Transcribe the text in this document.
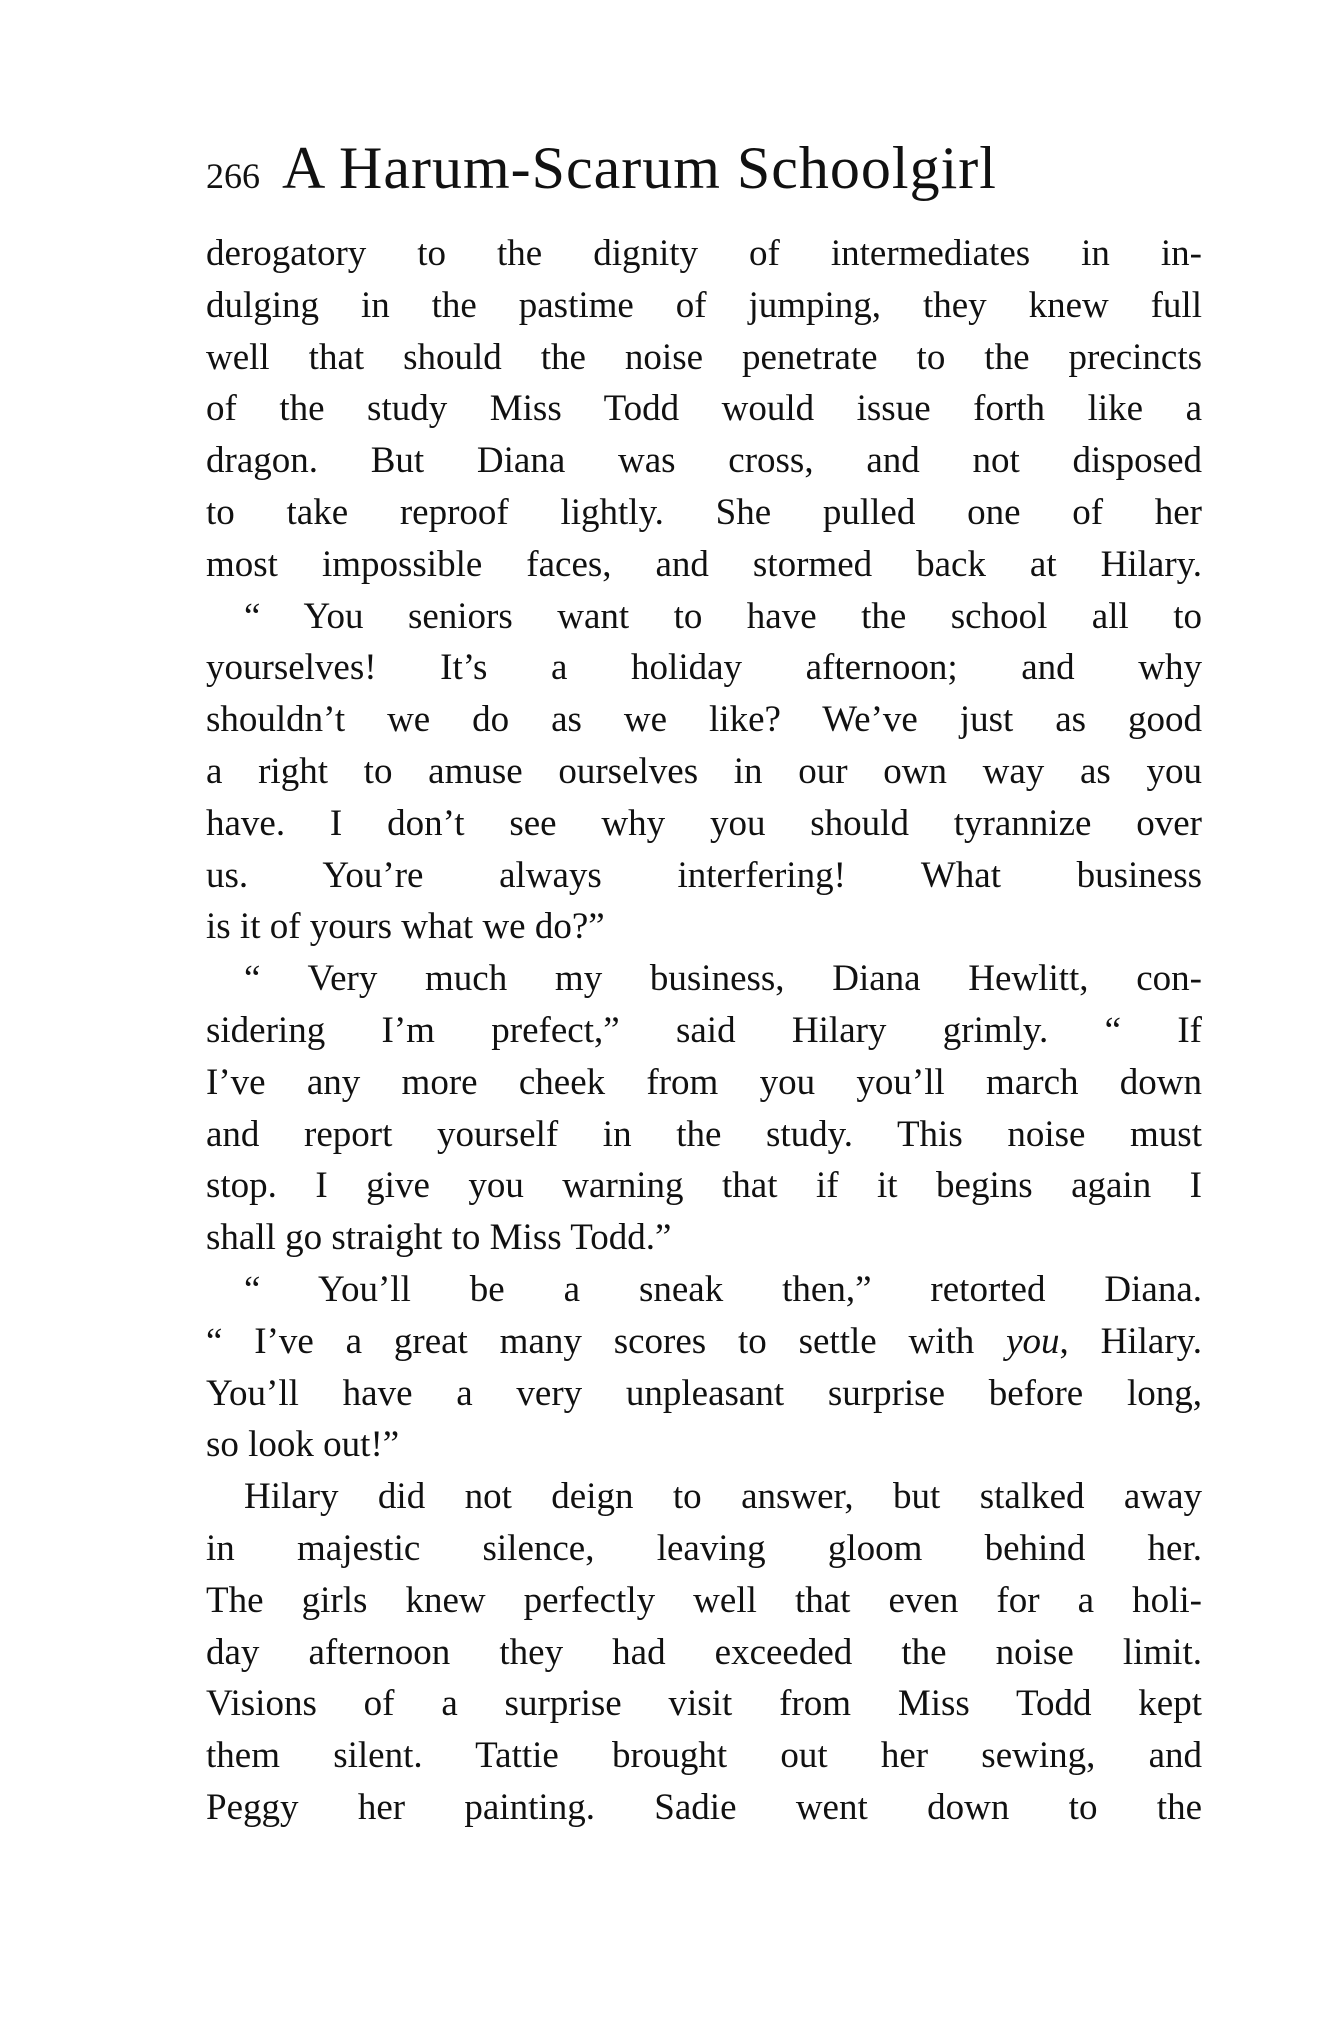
266 A Harum-Scarum Schoolgirl
derogatory to the dignity of intermediates in in-
dulging in the pastime of jumping, they knew full
well that should the noise penetrate to the precincts
of the study Miss Todd would issue forth like a
dragon. But Diana was cross, and not disposed
to take reproof lightly. She pulled one of her
most impossible faces, and stormed back at Hilary.
“ You seniors want to have the school all to
yourselves! It’s a holiday afternoon; and why
shouldn’t we do as we like? We’ve just as good
a right to amuse ourselves in our own way as you
have. I don’t see why you should tyrannize over
us. You’re always interfering! What business
is it of yours what we do?”
“ Very much my business, Diana Hewlitt, con-
sidering I’m prefect,” said Hilary grimly. “ If
I’ve any more cheek from you you’ll march down
and report yourself in the study. This noise must
stop. I give you warning that if it begins again I
shall go straight to Miss Todd.”
“ You’ll be a sneak then,” retorted Diana.
“ I’ve a great many scores to settle with you, Hilary.
You’ll have a very unpleasant surprise before long,
so look out!”
Hilary did not deign to answer, but stalked away
in majestic silence, leaving gloom behind her.
The girls knew perfectly well that even for a holi-
day afternoon they had exceeded the noise limit.
Visions of a surprise visit from Miss Todd kept
them silent. Tattie brought out her sewing, and
Peggy her painting. Sadie went down to the
